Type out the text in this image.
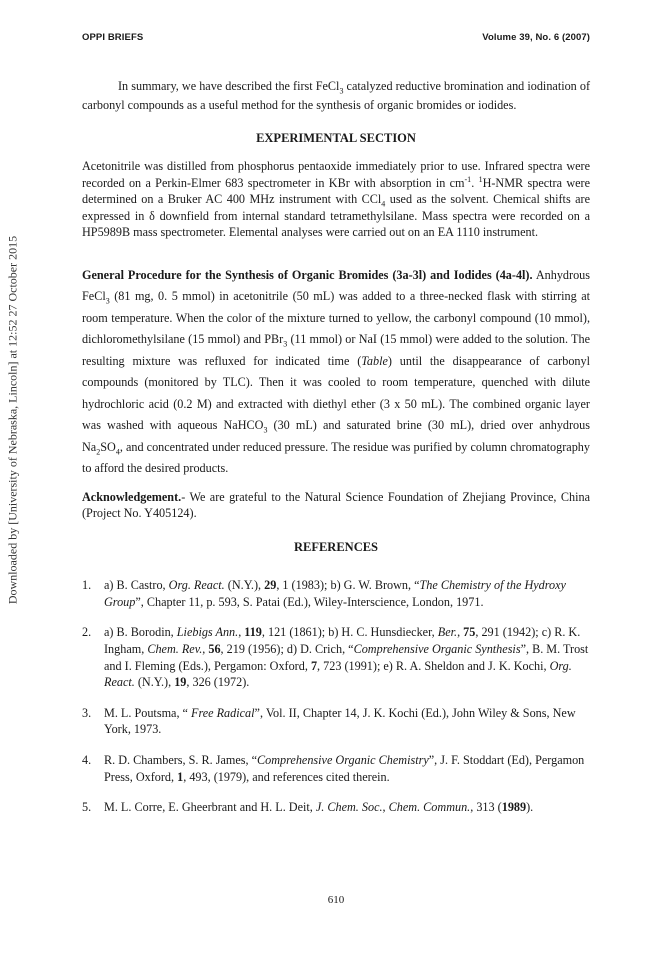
Downloaded by [University of Nebraska, Lincoln] at 12:52 27 October 2015
OPPI BRIEFS	Volume 39, No. 6 (2007)

In summary, we have described the first FeCl$_3$ catalyzed reductive bromination and iodination of carbonyl compounds as a useful method for the synthesis of organic bromides or iodides.

EXPERIMENTAL SECTION

Acetonitrile was distilled from phosphorus pentaoxide immediately prior to use. Infrared spectra were recorded on a Perkin-Elmer 683 spectrometer in KBr with absorption in $cm^{-1}$. $^1$H-NMR spectra were determined on a Bruker AC 400 MHz instrument with CCl$_4$ used as the solvent. Chemical shifts are expressed in δ downfield from internal standard tetramethylsilane. Mass spectra were recorded on a HP5989B mass spectrometer. Elemental analyses were carried out on an EA 1110 instrument.

General Procedure for the Synthesis of Organic Bromides (3a-3l) and Iodides (4a-4l). Anhydrous FeCl$_3$ (81 mg, 0. 5 mmol) in acetonitrile (50 mL) was added to a three-necked flask with stirring at room temperature. When the color of the mixture turned to yellow, the carbonyl compound (10 mmol), dichloromethylsilane (15 mmol) and PBr$_3$ (11 mmol) or NaI (15 mmol) were added to the solution. The resulting mixture was refluxed for indicated time (Table) until the disappearance of carbonyl compounds (monitored by TLC). Then it was cooled to room temperature, quenched with dilute hydrochloric acid (0.2 M) and extracted with diethyl ether (3 x 50 mL). The combined organic layer was washed with aqueous NaHCO$_3$ (30 mL) and saturated brine (30 mL), dried over anhydrous $Na_2SO_4$, and concentrated under reduced pressure. The residue was purified by column chromatography to afford the desired products.

Acknowledgement.- We are grateful to the Natural Science Foundation of Zhejiang Province, China (Project No. Y405124).

REFERENCES
1. a) B. Castro, Org. React. (N.Y.), 29, 1 (1983); b) G. W. Brown, “The Chemistry of the Hydroxy Group”, Chapter 11, p. 593, S. Patai (Ed.), Wiley-Interscience, London, 1971.
2. a) B. Borodin, Liebigs Ann., 119, 121 (1861); b) H. C. Hunsdiecker, Ber., 75, 291 (1942); c) R. K. Ingham, Chem. Rev., 56, 219 (1956); d) D. Crich, “Comprehensive Organic Synthesis”, B. M. Trost and I. Fleming (Eds.), Pergamon: Oxford, 7, 723 (1991); e) R. A. Sheldon and J. K. Kochi, Org. React. (N.Y.), 19, 326 (1972).
3. M. L. Poutsma, “ Free Radical”, Vol. II, Chapter 14, J. K. Kochi (Ed.), John Wiley & Sons, New York, 1973.
4. R. D. Chambers, S. R. James, “Comprehensive Organic Chemistry”, J. F. Stoddart (Ed), Pergamon Press, Oxford, 1, 493, (1979), and references cited therein.
5. M. L. Corre, E. Gheerbrant and H. L. Deit, J. Chem. Soc., Chem. Commun., 313 (1989).
610
